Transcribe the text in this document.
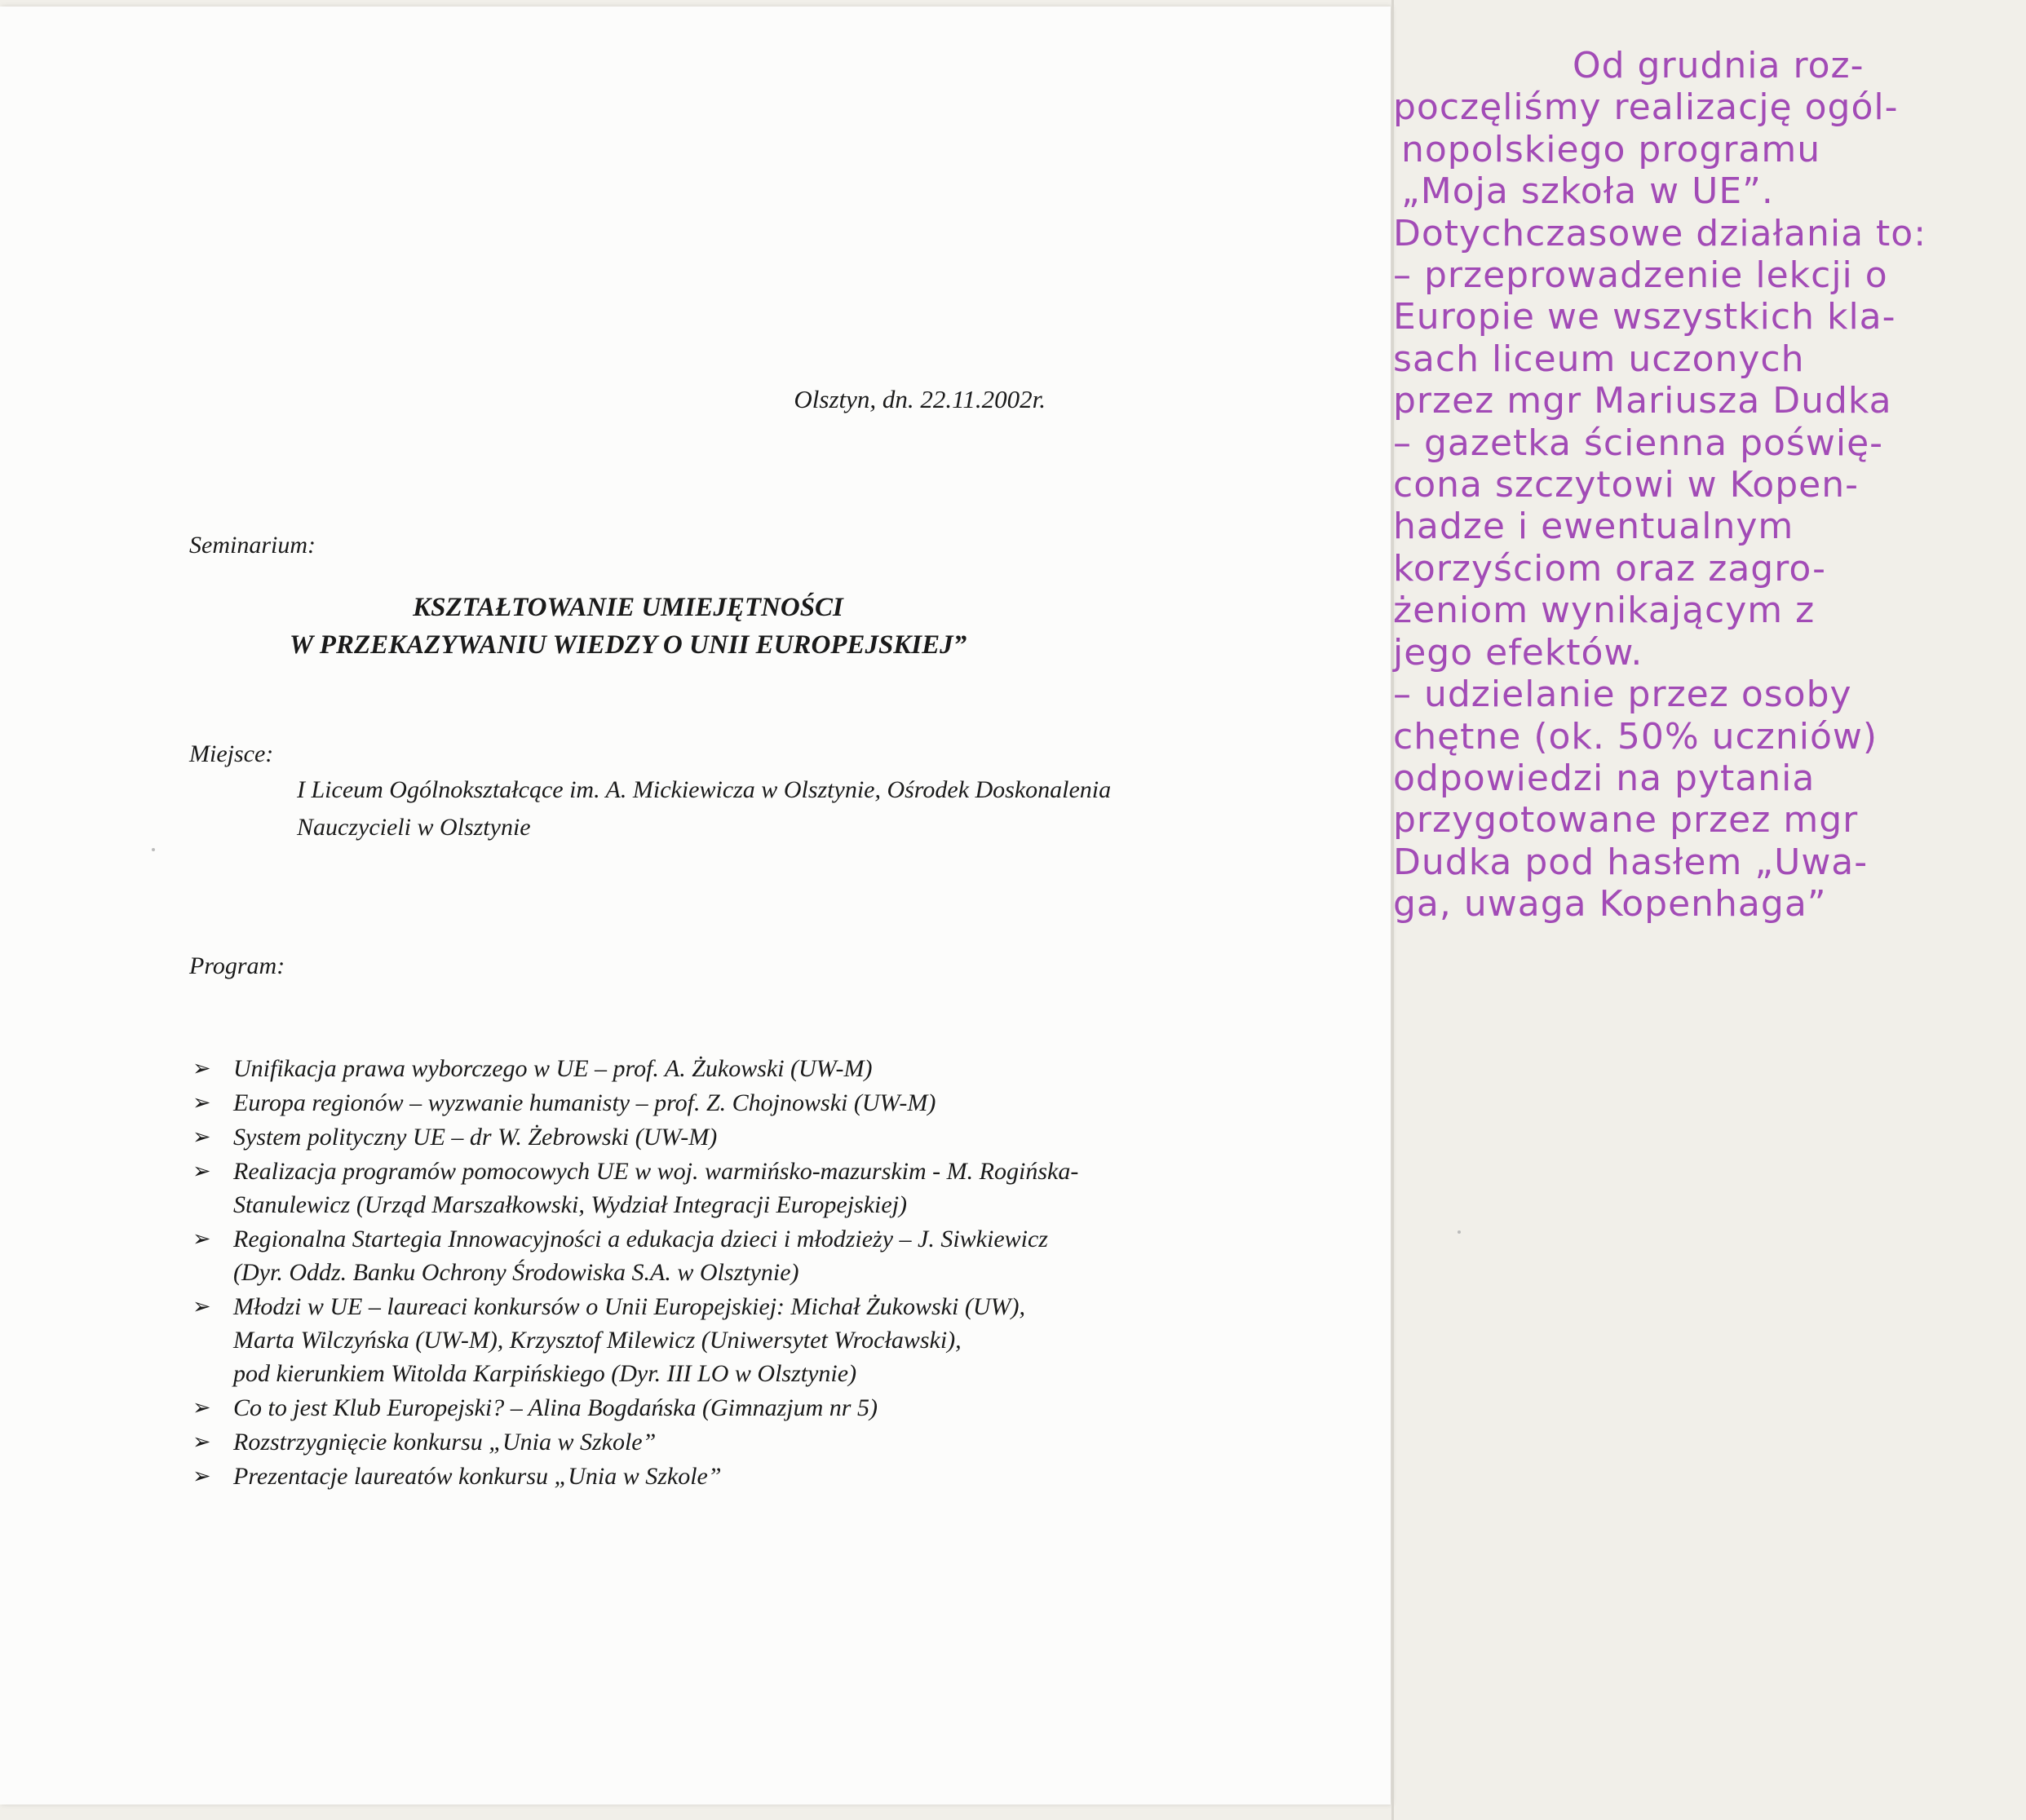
Olsztyn, dn. 22.11.2002r.
Seminarium:
KSZTAŁTOWANIE UMIEJĘTNOŚCI
W PRZEKAZYWANIU WIEDZY O UNII EUROPEJSKIEJ”
Miejsce:
I Liceum Ogólnokształcące im. A. Mickiewicza w Olsztynie, Ośrodek Doskonalenia
Nauczycieli w Olsztynie
Program:
➢ Unifikacja prawa wyborczego w UE – prof. A. Żukowski (UW-M)
➢ Europa regionów – wyzwanie humanisty – prof. Z. Chojnowski (UW-M)
➢ System polityczny UE – dr W. Żebrowski (UW-M)
➢ Realizacja programów pomocowych UE w woj. warmińsko-mazurskim - M. Rogińska-
Stanulewicz (Urząd Marszałkowski, Wydział Integracji Europejskiej)
➢ Regionalna Startegia Innowacyjności a edukacja dzieci i młodzieży – J. Siwkiewicz
(Dyr. Oddz. Banku Ochrony Środowiska S.A. w Olsztynie)
➢ Młodzi w UE – laureaci konkursów o Unii Europejskiej: Michał Żukowski (UW),
Marta Wilczyńska (UW-M), Krzysztof Milewicz (Uniwersytet Wrocławski),
pod kierunkiem Witolda Karpińskiego (Dyr. III LO w Olsztynie)
➢ Co to jest Klub Europejski? – Alina Bogdańska (Gimnazjum nr 5)
➢ Rozstrzygnięcie konkursu „Unia w Szkole”
➢ Prezentacje laureatów konkursu „Unia w Szkole”
Od grudnia roz-
poczęliśmy realizację ogól-
nopolskiego programu
„Moja szkoła w UE”.
Dotychczasowe działania to:
– przeprowadzenie lekcji o
Europie we wszystkich kla-
sach liceum uczonych
przez mgr Mariusza Dudka
– gazetka ścienna poświę-
cona szczytowi w Kopen-
hadze i ewentualnym
korzyściom oraz zagro-
żeniom wynikającym z
jego efektów.
– udzielanie przez osoby
chętne (ok. 50% uczniów)
odpowiedzi na pytania
przygotowane przez mgr
Dudka pod hasłem „Uwa-
ga, uwaga Kopenhaga”
